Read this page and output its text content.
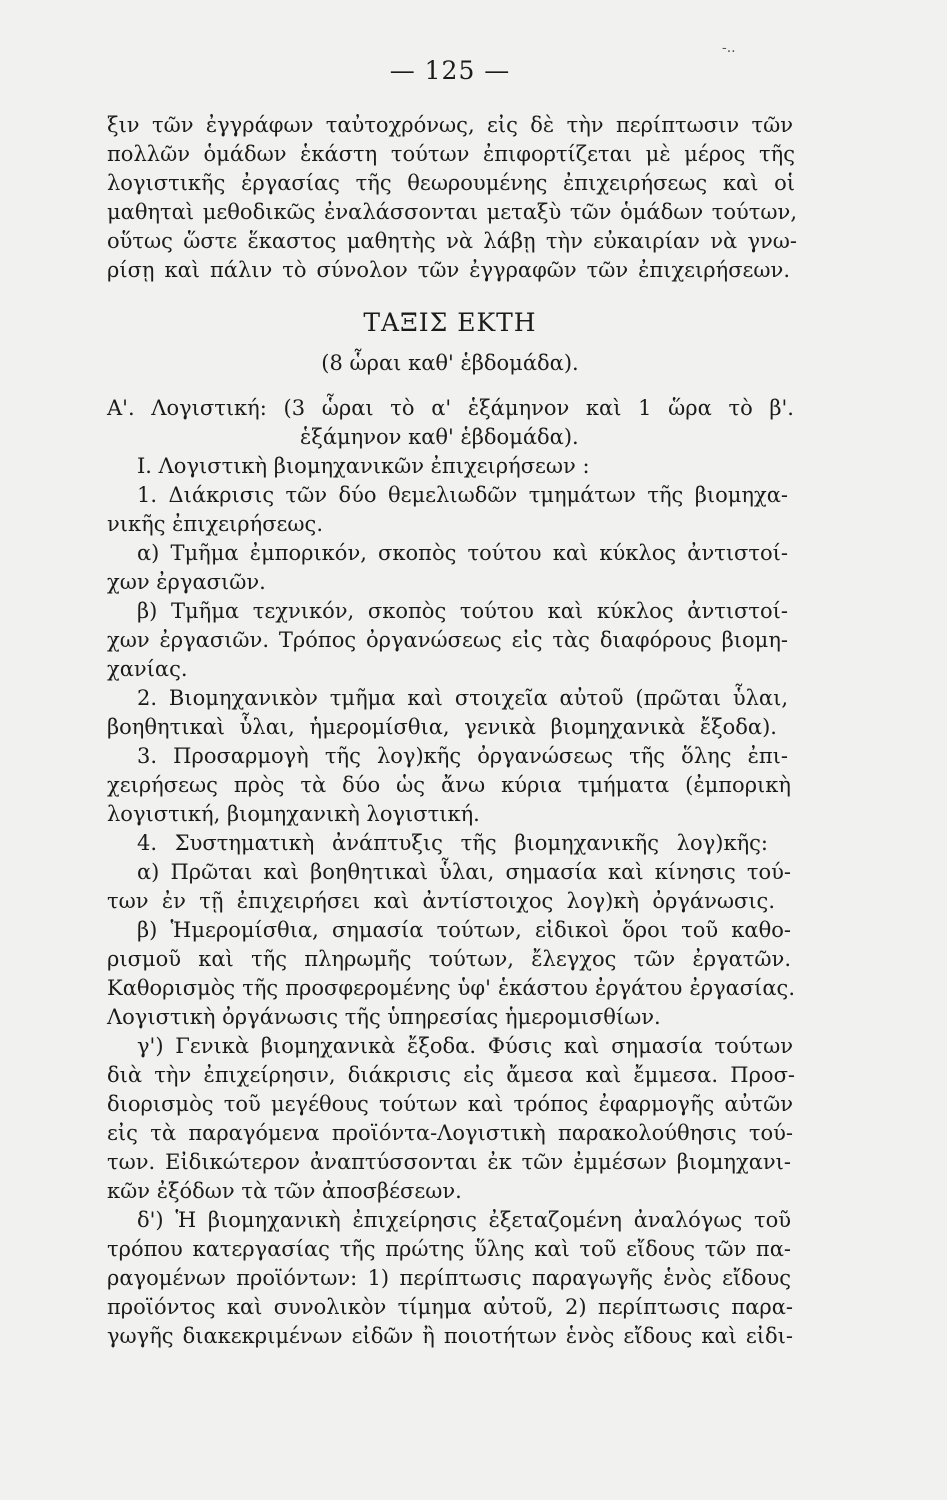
— 125 —
-..
ξιν τῶν ἐγγράφων ταὐτοχρόνως, εἰς δὲ τὴν περίπτωσιν τῶν
πολλῶν ὁμάδων ἑκάστη τούτων ἐπιφορτίζεται μὲ μέρος τῆς
λογιστικῆς ἐργασίας τῆς θεωρουμένης ἐπιχειρήσεως καὶ οἱ
μαθηταὶ μεθοδικῶς ἐναλάσσονται μεταξὺ τῶν ὁμάδων τούτων,
οὕτως ὥστε ἕκαστος μαθητὴς νὰ λάβῃ τὴν εὐκαιρίαν νὰ γνω-
ρίσῃ καὶ πάλιν τὸ σύνολον τῶν ἐγγραφῶν τῶν ἐπιχειρήσεων.
ΤΑΞΙΣ ΕΚΤΗ
(8 ὧραι καθ' ἑβδομάδα).
Α'. Λογιστική: (3 ὧραι τὸ α' ἑξάμηνον καὶ 1 ὥρα τὸ β'.
ἑξάμηνον καθ' ἑβδομάδα).
Ι. Λογιστικὴ βιομηχανικῶν ἐπιχειρήσεων :
1. Διάκρισις τῶν δύο θεμελιωδῶν τμημάτων τῆς βιομηχα-
νικῆς ἐπιχειρήσεως.
α) Τμῆμα ἐμπορικόν, σκοπὸς τούτου καὶ κύκλος ἀντιστοί-
χων ἐργασιῶν.
β) Τμῆμα τεχνικόν, σκοπὸς τούτου καὶ κύκλος ἀντιστοί-
χων ἐργασιῶν. Τρόπος ὀργανώσεως εἰς τὰς διαφόρους βιομη-
χανίας.
2. Βιομηχανικὸν τμῆμα καὶ στοιχεῖα αὐτοῦ (πρῶται ὗλαι,
βοηθητικαὶ ὗλαι, ἡμερομίσθια, γενικὰ βιομηχανικὰ ἔξοδα).
3. Προσαρμογὴ τῆς λογ)κῆς ὀργανώσεως τῆς ὅλης ἐπι-
χειρήσεως πρὸς τὰ δύο ὡς ἄνω κύρια τμήματα (ἐμπορικὴ
λογιστική, βιομηχανικὴ λογιστική.
4. Συστηματικὴ ἀνάπτυξις τῆς βιομηχανικῆς λογ)κῆς:
α) Πρῶται καὶ βοηθητικαὶ ὗλαι, σημασία καὶ κίνησις τού-
των ἐν τῇ ἐπιχειρήσει καὶ ἀντίστοιχος λογ)κὴ ὀργάνωσις.
β) Ἡμερομίσθια, σημασία τούτων, εἰδικοὶ ὅροι τοῦ καθο-
ρισμοῦ καὶ τῆς πληρωμῆς τούτων, ἔλεγχος τῶν ἐργατῶν.
Καθορισμὸς τῆς προσφερομένης ὑφ' ἑκάστου ἐργάτου ἐργασίας.
Λογιστικὴ ὀργάνωσις τῆς ὑπηρεσίας ἡμερομισθίων.
γ') Γενικὰ βιομηχανικὰ ἔξοδα. Φύσις καὶ σημασία τούτων
διὰ τὴν ἐπιχείρησιν, διάκρισις εἰς ἄμεσα καὶ ἔμμεσα. Προσ-
διορισμὸς τοῦ μεγέθους τούτων καὶ τρόπος ἐφαρμογῆς αὐτῶν
εἰς τὰ παραγόμενα προϊόντα-Λογιστικὴ παρακολούθησις τού-
των. Εἰδικώτερον ἀναπτύσσονται ἐκ τῶν ἐμμέσων βιομηχανι-
κῶν ἐξόδων τὰ τῶν ἀποσβέσεων.
δ') Ἡ βιομηχανικὴ ἐπιχείρησις ἐξεταζομένη ἀναλόγως τοῦ
τρόπου κατεργασίας τῆς πρώτης ὕλης καὶ τοῦ εἴδους τῶν πα-
ραγομένων προϊόντων: 1) περίπτωσις παραγωγῆς ἑνὸς εἴδους
προϊόντος καὶ συνολικὸν τίμημα αὐτοῦ, 2) περίπτωσις παρα-
γωγῆς διακεκριμένων εἰδῶν ἢ ποιοτήτων ἑνὸς εἴδους καὶ εἰδι-
